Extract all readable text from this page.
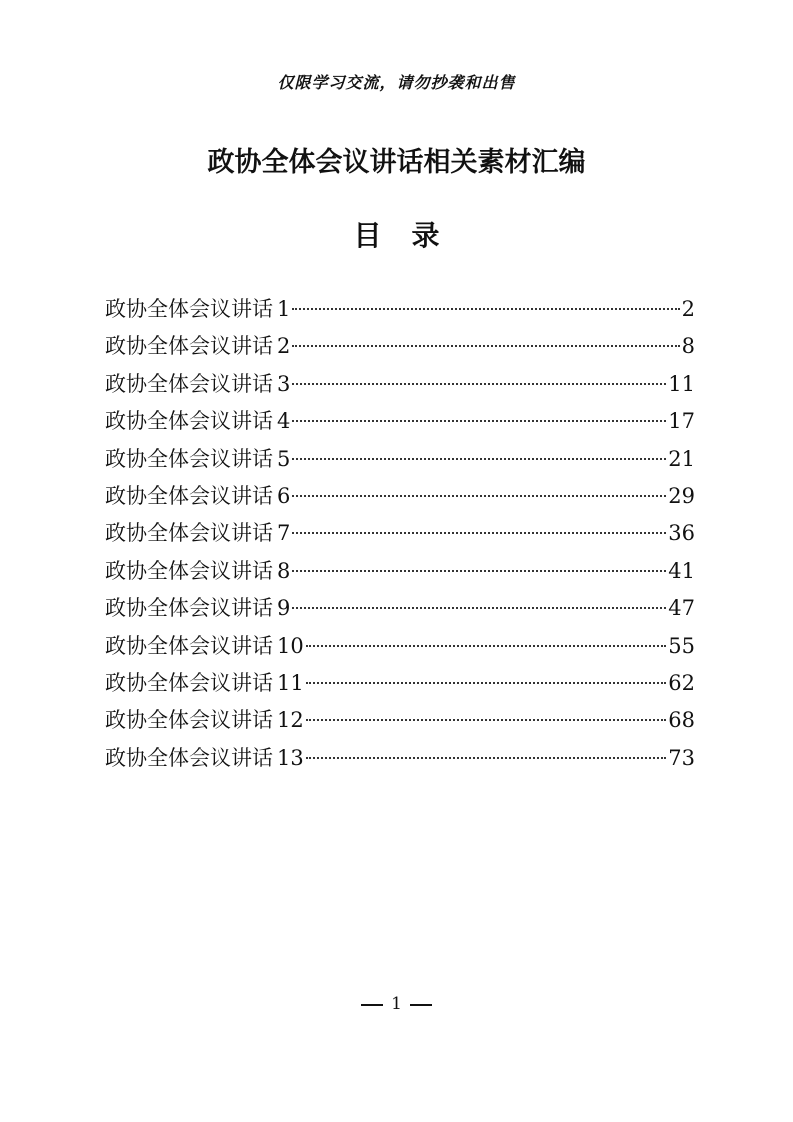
仅限学习交流，请勿抄袭和出售
政协全体会议讲话相关素材汇编
目 录
政协全体会议讲话 1	2
政协全体会议讲话 2	8
政协全体会议讲话 3	11
政协全体会议讲话 4	17
政协全体会议讲话 5	21
政协全体会议讲话 6	29
政协全体会议讲话 7	36
政协全体会议讲话 8	41
政协全体会议讲话 9	47
政协全体会议讲话 10	55
政协全体会议讲话 11	62
政协全体会议讲话 12	68
政协全体会议讲话 13	73
1
